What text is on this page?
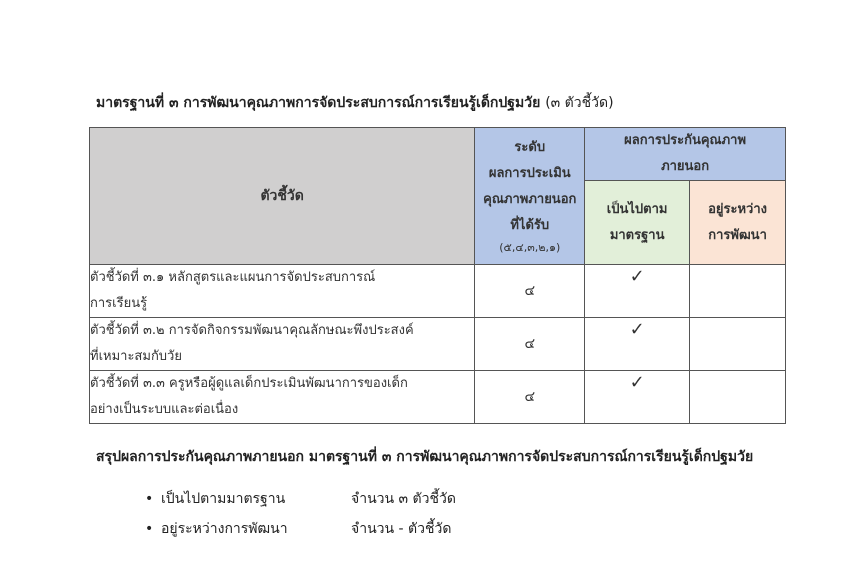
มาตรฐานที่ ๓ การพัฒนาคุณภาพการจัดประสบการณ์การเรียนรู้เด็กปฐมวัย (๓ ตัวชี้วัด)
ตัวชี้วัด	ระดับ
ผลการประเมิน
คุณภาพภายนอก
ที่ได้รับ
(๕,๔,๓,๒,๑)	ผลการประกันคุณภาพ
ภายนอก	
		เป็นไปตาม
มาตรฐาน	อยู่ระหว่าง
การพัฒนา
ตัวชี้วัดที่ ๓.๑ หลักสูตรและแผนการจัดประสบการณ์
การเรียนรู้	๔	✓	
ตัวชี้วัดที่ ๓.๒ การจัดกิจกรรมพัฒนาคุณลักษณะพึงประสงค์
ที่เหมาะสมกับวัย	๔	✓	
ตัวชี้วัดที่ ๓.๓ ครูหรือผู้ดูแลเด็กประเมินพัฒนาการของเด็ก
อย่างเป็นระบบและต่อเนื่อง	๔	✓	
สรุปผลการประกันคุณภาพภายนอก มาตรฐานที่ ๓ การพัฒนาคุณภาพการจัดประสบการณ์การเรียนรู้เด็กปฐมวัย
• เป็นไปตามมาตรฐาน	จำนวน ๓ ตัวชี้วัด
• อยู่ระหว่างการพัฒนา	จำนวน - ตัวชี้วัด
